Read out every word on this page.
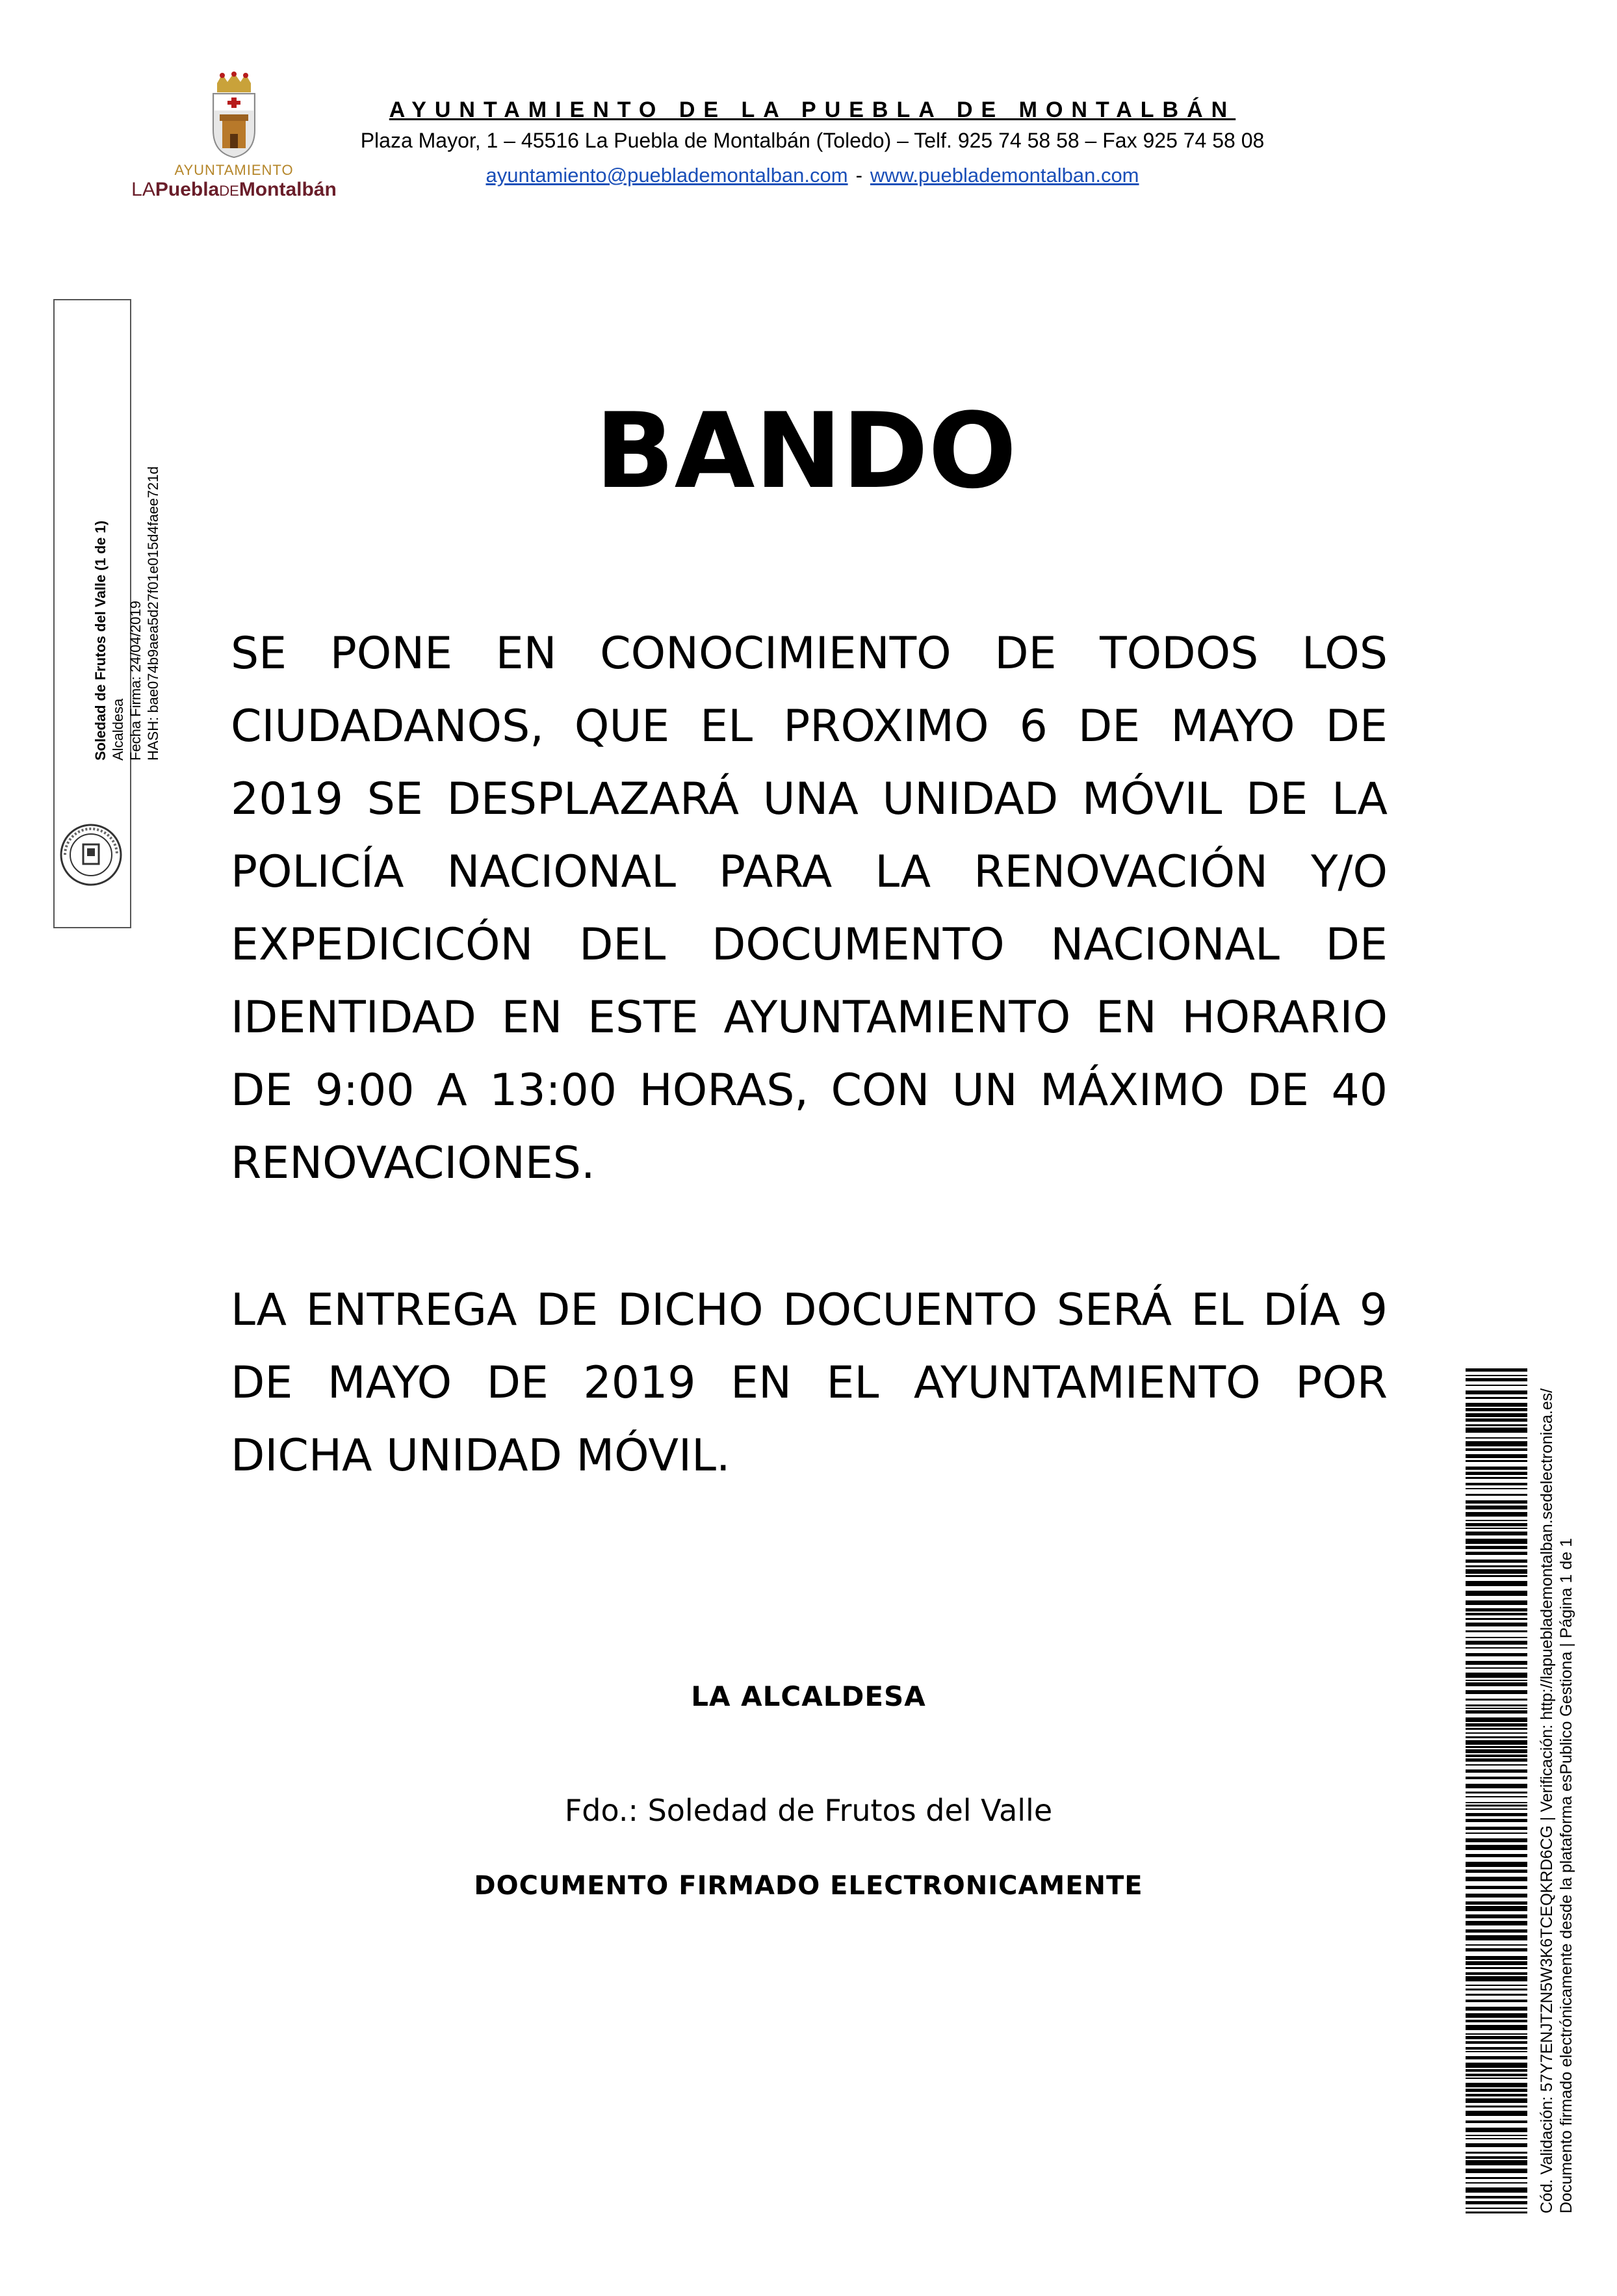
AYUNTAMIENTO
LAPueblaDEMontalbán
AYUNTAMIENTO DE LA PUEBLA DE MONTALBÁN
Plaza Mayor, 1 – 45516 La Puebla de Montalbán (Toledo) – Telf. 925 74 58 58 – Fax 925 74 58 08
ayuntamiento@pueblademontalban.com - www.pueblademontalban.com
Soledad de Frutos del Valle (1 de 1) Alcaldesa Fecha Firma: 24/04/2019 HASH: bae074b9aea5d27f01e015d4faee721d
BANDO
SE PONE EN CONOCIMIENTO DE TODOS LOS CIUDADANOS, QUE EL PROXIMO 6 DE MAYO DE 2019 SE DESPLAZARÁ UNA UNIDAD MÓVIL DE LA POLICÍA NACIONAL PARA LA RENOVACIÓN Y/O EXPEDICICÓN DEL DOCUMENTO NACIONAL DE IDENTIDAD EN ESTE AYUNTAMIENTO EN HORARIO DE 9:00 A 13:00 HORAS, CON UN MÁXIMO DE 40 RENOVACIONES.
LA ENTREGA DE DICHO DOCUENTO SERÁ EL DÍA 9 DE MAYO DE 2019 EN EL AYUNTAMIENTO POR DICHA UNIDAD MÓVIL.
LA ALCALDESA
Fdo.: Soledad de Frutos del Valle
DOCUMENTO FIRMADO ELECTRONICAMENTE	Cód. Validación: 57Y7ENJTZN5W3K6TCEQKRD6CG | Verificación: http://lapueblademontalban.sedelectronica.es/ Documento firmado electrónicamente desde la plataforma esPublico Gestiona | Página 1 de 1
